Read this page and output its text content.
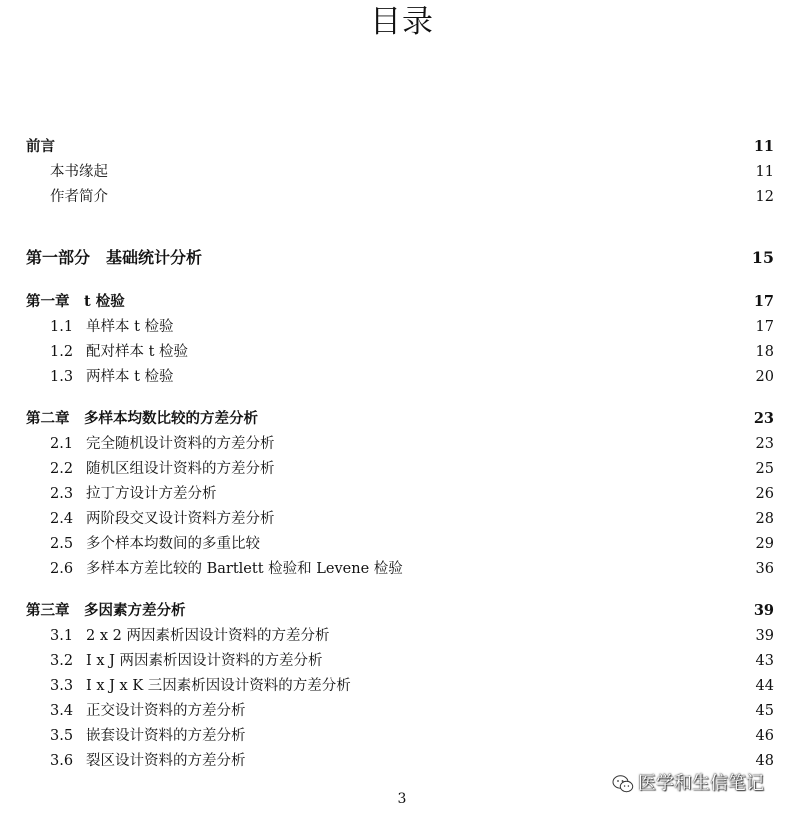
目录
前言	11
本书缘起	11
作者简介	12
第一部分　基础统计分析	15
第一章　t 检验	17
1.1 单样本 t 检验	17
1.2 配对样本 t 检验	18
1.3 两样本 t 检验	20
第二章　多样本均数比较的方差分析	23
2.1 完全随机设计资料的方差分析	23
2.2 随机区组设计资料的方差分析	25
2.3 拉丁方设计方差分析	26
2.4 两阶段交叉设计资料方差分析	28
2.5 多个样本均数间的多重比较	29
2.6 多样本方差比较的 Bartlett 检验和 Levene 检验	36
第三章　多因素方差分析	39
3.1 2 x 2 两因素析因设计资料的方差分析	39
3.2 I x J 两因素析因设计资料的方差分析	43
3.3 I x J x K 三因素析因设计资料的方差分析	44
3.4 正交设计资料的方差分析	45
3.5 嵌套设计资料的方差分析	46
3.6 裂区设计资料的方差分析	48
3
医学和生信笔记
